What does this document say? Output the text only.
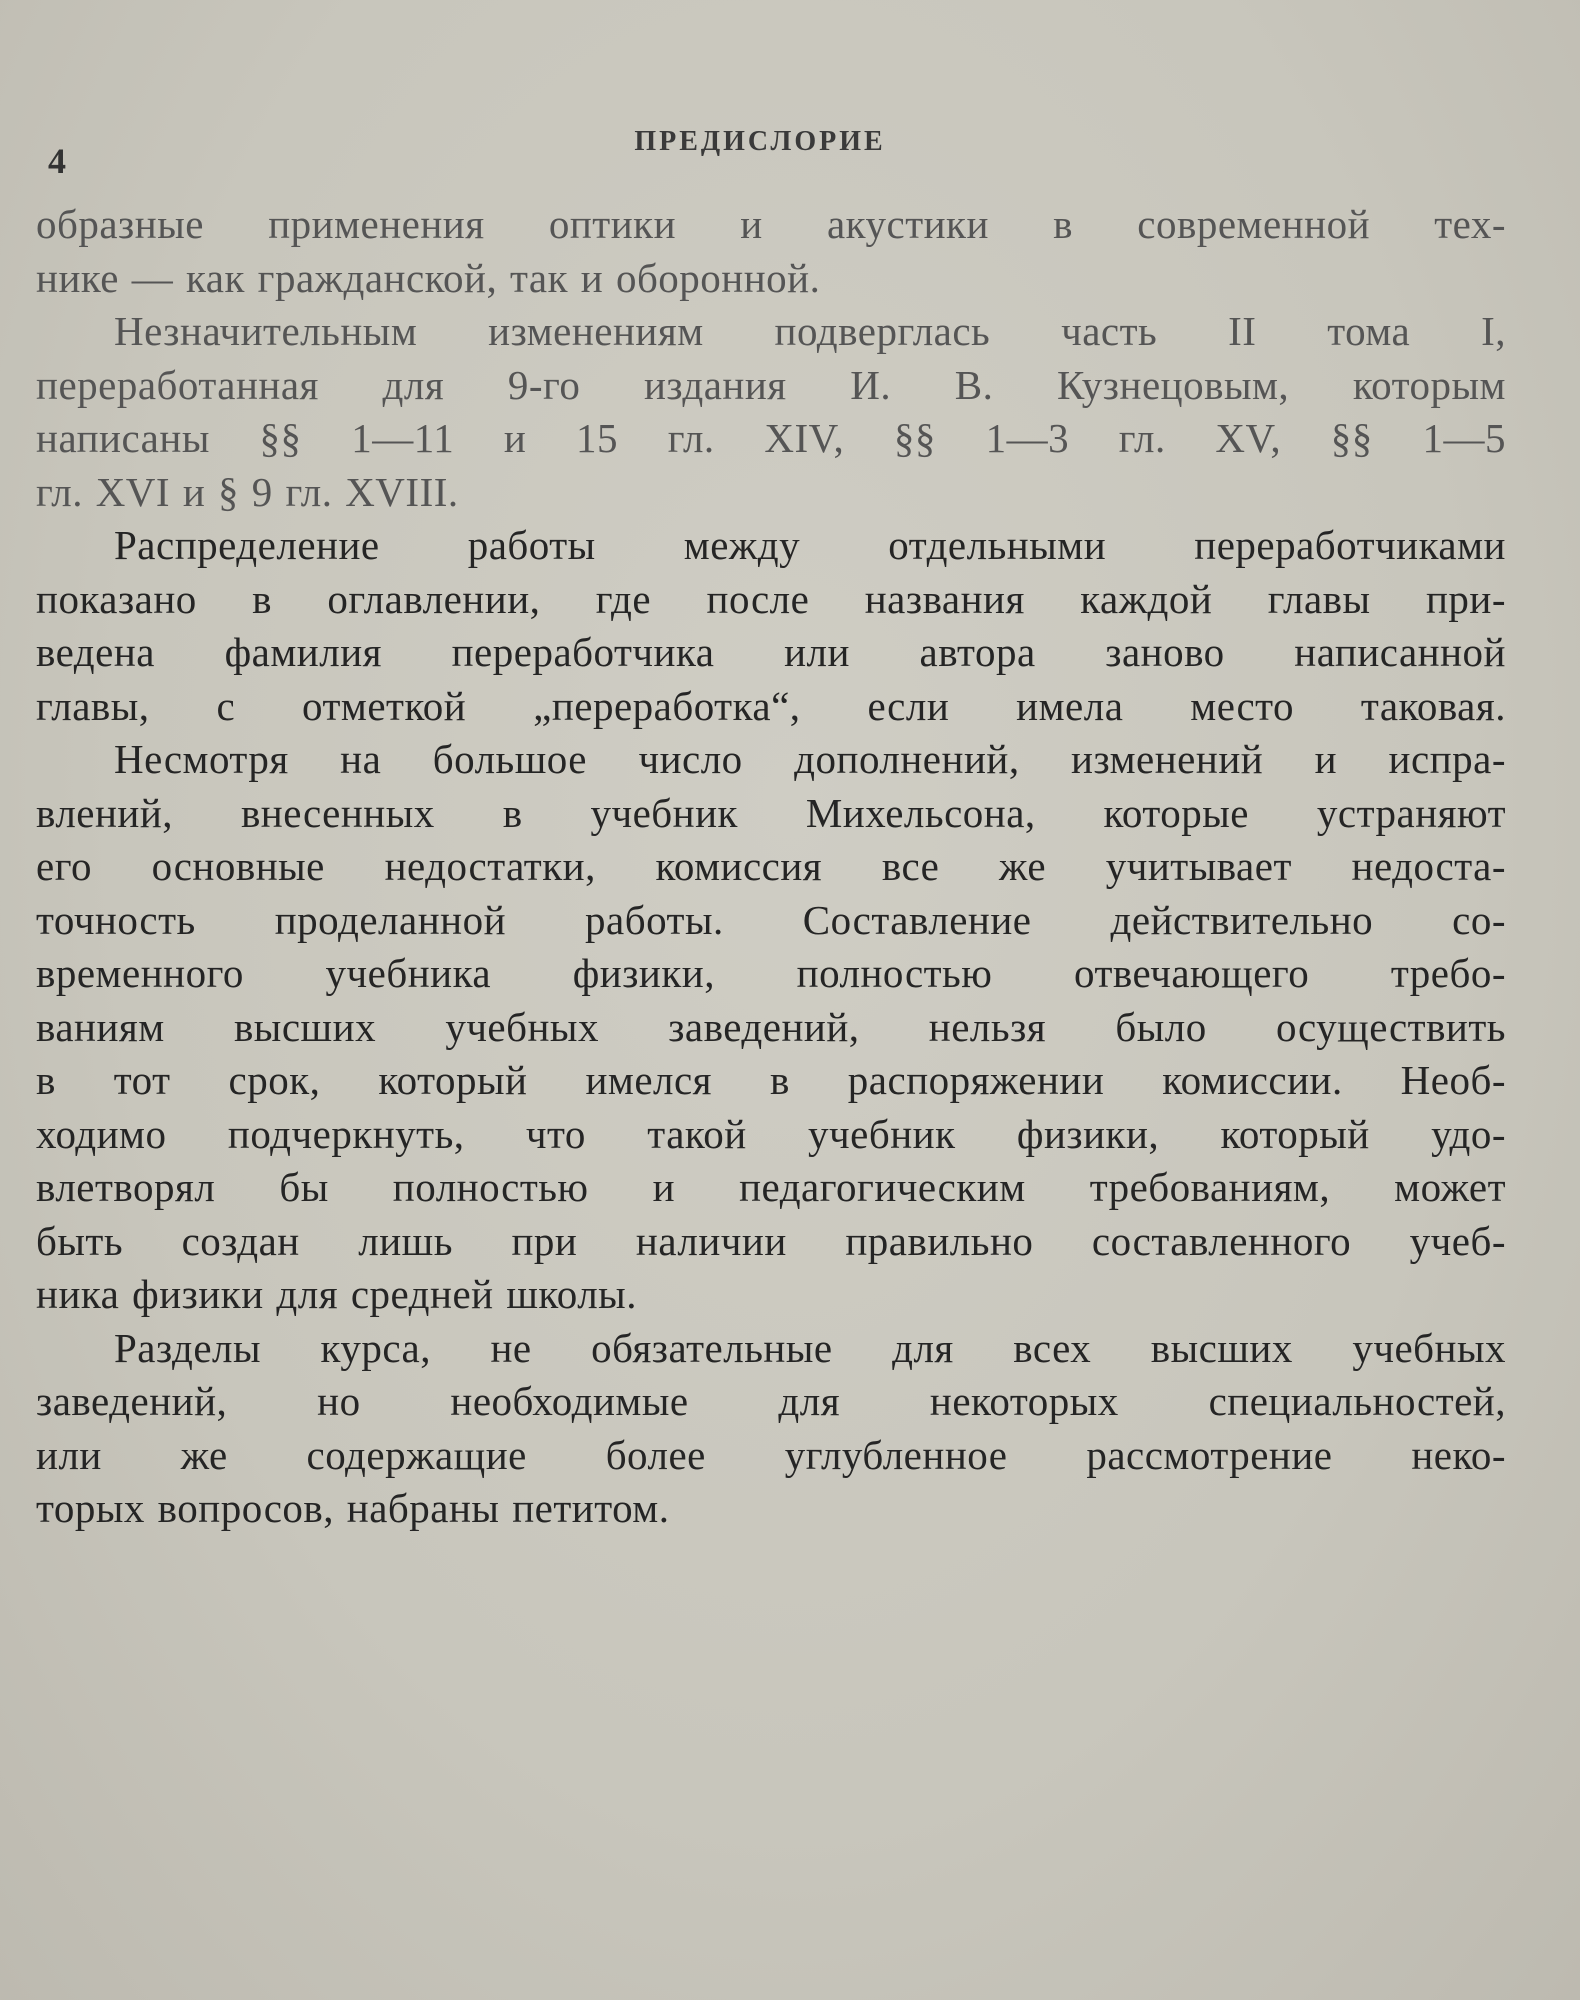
4	ПРЕДИСЛОРИЕ
образные применения оптики и акустики в современной тех-
нике — как гражданской, так и оборонной.
Незначительным изменениям подверглась часть II тома I,
переработанная для 9-го издания И. В. Кузнецовым, которым
написаны §§ 1—11 и 15 гл. XIV, §§ 1—3 гл. XV, §§ 1—5
гл. XVI и § 9 гл. XVIII.
Распределение работы между отдельными переработчиками
показано в оглавлении, где после названия каждой главы при-
ведена фамилия переработчика или автора заново написанной
главы, с отметкой „переработка“, если имела место таковая.
Несмотря на большое число дополнений, изменений и испра-
влений, внесенных в учебник Михельсона, которые устраняют
его основные недостатки, комиссия все же учитывает недоста-
точность проделанной работы. Составление действительно со-
временного учебника физики, полностью отвечающего требо-
ваниям высших учебных заведений, нельзя было осуществить
в тот срок, который имелся в распоряжении комиссии. Необ-
ходимо подчеркнуть, что такой учебник физики, который удо-
влетворял бы полностью и педагогическим требованиям, может
быть создан лишь при наличии правильно составленного учеб-
ника физики для средней школы.
Разделы курса, не обязательные для всех высших учебных
заведений, но необходимые для некоторых специальностей,
или же содержащие более углубленное рассмотрение неко-
торых вопросов, набраны петитом.
